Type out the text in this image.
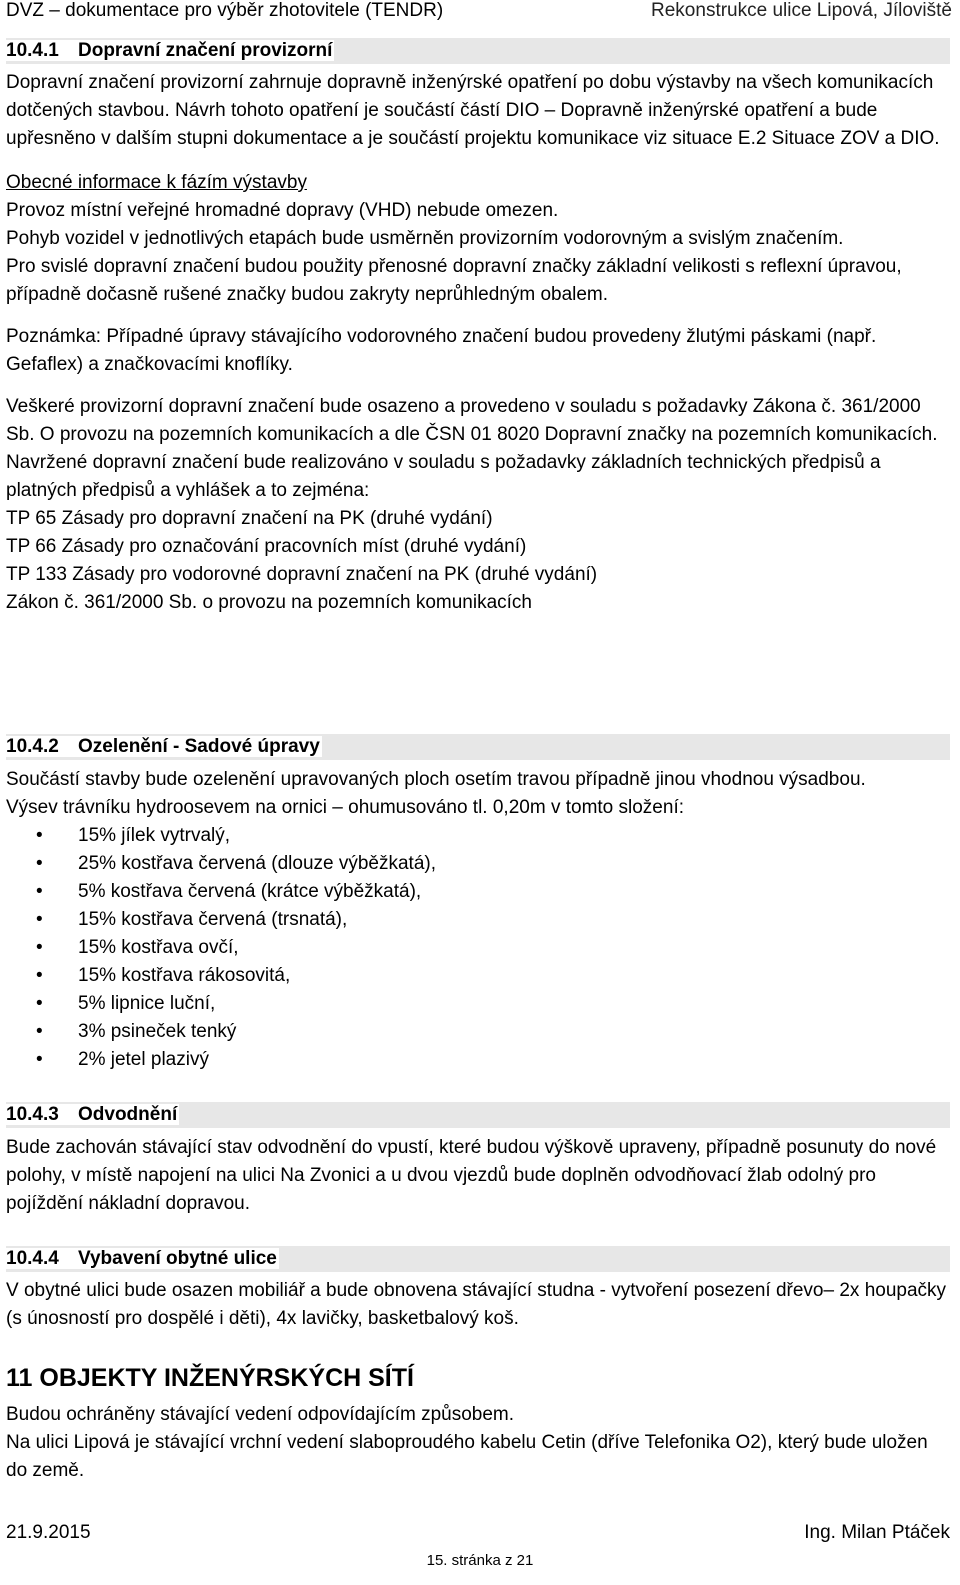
DVZ – dokumentace pro výběr zhotovitele (TENDR)	Rekonstrukce ulice Lipová, Jíloviště
10.4.1 Dopravní značení provizorní

Dopravní značení provizorní zahrnuje dopravně inženýrské opatření po dobu výstavby na všech komunikacích dotčených stavbou. Návrh tohoto opatření je součástí částí DIO – Dopravně inženýrské opatření a bude upřesněno v dalším stupni dokumentace a je součástí projektu komunikace viz situace E.2 Situace ZOV a DIO.

Obecné informace k fázím výstavby

Provoz místní veřejné hromadné dopravy (VHD) nebude omezen.

Pohyb vozidel v jednotlivých etapách bude usměrněn provizorním vodorovným a svislým značením.

Pro svislé dopravní značení budou použity přenosné dopravní značky základní velikosti s reflexní úpravou, případně dočasně rušené značky budou zakryty neprůhledným obalem.

Poznámka: Případné úpravy stávajícího vodorovného značení budou provedeny žlutými páskami (např. Gefaflex) a značkovacími knoflíky.

Veškeré provizorní dopravní značení bude osazeno a provedeno v souladu s požadavky Zákona č. 361/2000 Sb. O provozu na pozemních komunikacích a dle ČSN 01 8020 Dopravní značky na pozemních komunikacích.

Navržené dopravní značení bude realizováno v souladu s požadavky základních technických předpisů a platných předpisů a vyhlášek a to zejména:

TP 65 Zásady pro dopravní značení na PK (druhé vydání)

TP 66 Zásady pro označování pracovních míst (druhé vydání)

TP 133 Zásady pro vodorovné dopravní značení na PK (druhé vydání)

Zákon č. 361/2000 Sb. o provozu na pozemních komunikacích

10.4.2 Ozelenění - Sadové úpravy

Součástí stavby bude ozelenění upravovaných ploch osetím travou případně jinou vhodnou výsadbou.

Výsev trávníku hydroosevem na ornici – ohumusováno tl. 0,20m v tomto složení:

• 15% jílek vytrvalý,
• 25% kostřava červená (dlouze výběžkatá),
• 5% kostřava červená (krátce výběžkatá),
• 15% kostřava červená (trsnatá),
• 15% kostřava ovčí,
• 15% kostřava rákosovitá,
• 5% lipnice luční,
• 3% psineček tenký
• 2% jetel plazivý
10.4.3 Odvodnění

Bude zachován stávající stav odvodnění do vpustí, které budou výškově upraveny, případně posunuty do nové polohy, v místě napojení na ulici Na Zvonici a u dvou vjezdů bude doplněn odvodňovací žlab odolný pro pojíždění nákladní dopravou.

10.4.4 Vybavení obytné ulice

V obytné ulici bude osazen mobiliář a bude obnovena stávající studna - vytvoření posezení dřevo– 2x houpačky (s únosností pro dospělé i děti), 4x lavičky, basketbalový koš.

11 OBJEKTY INŽENÝRSKÝCH SÍTÍ

Budou ochráněny stávající vedení odpovídajícím způsobem.

Na ulici Lipová je stávající vrchní vedení slaboproudého kabelu Cetin (dříve Telefonika O2), který bude uložen do země.

21.9.2015	Ing. Milan Ptáček
15. stránka z 21
